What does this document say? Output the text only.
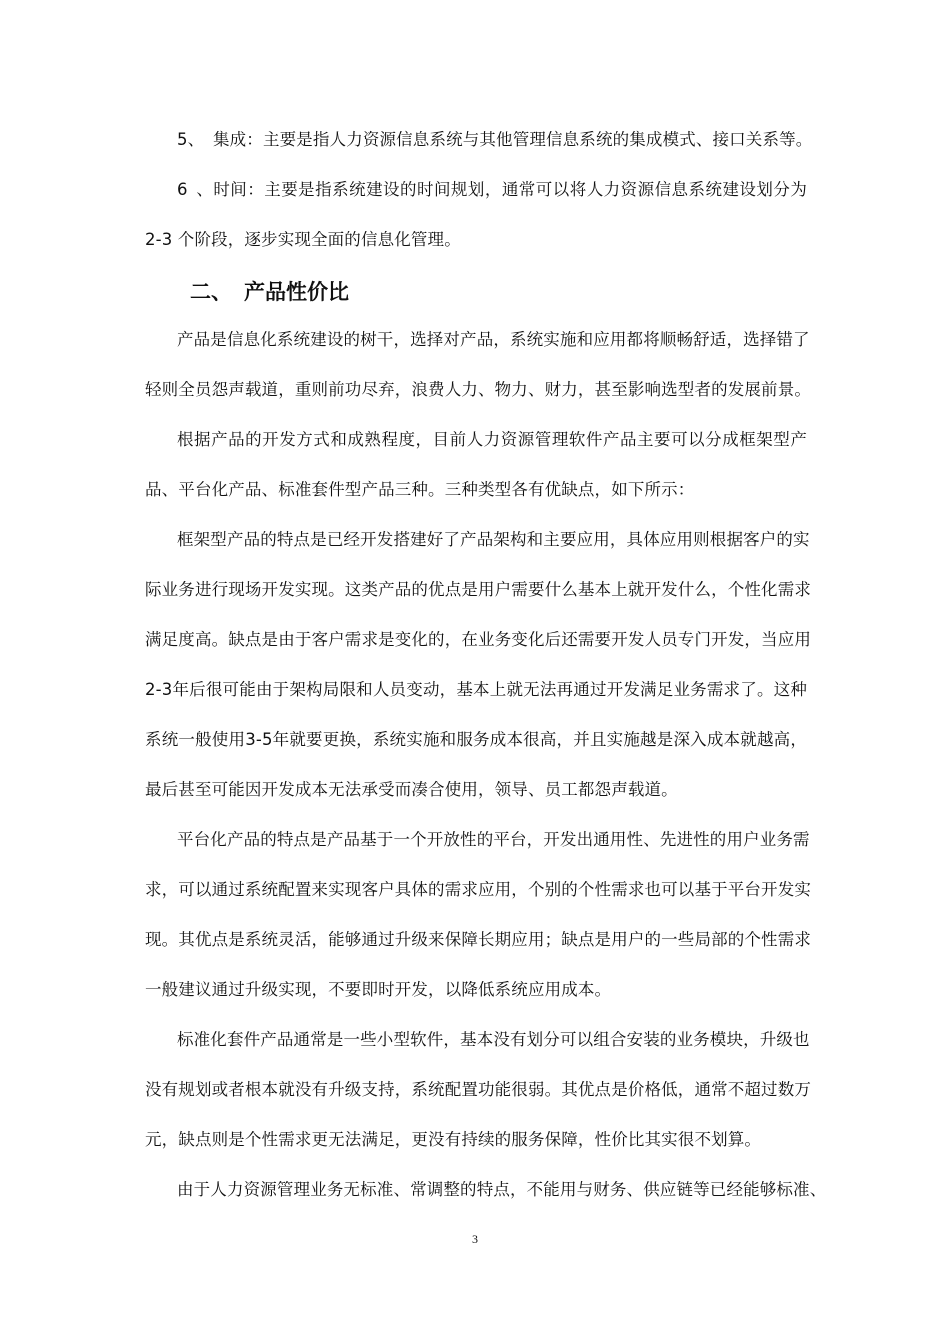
5、 集成：主要是指人力资源信息系统与其他管理信息系统的集成模式、接口关系等。
6、时间：主要是指系统建设的时间规划，通常可以将人力资源信息系统建设划分为
2-3 个阶段，逐步实现全面的信息化管理。
二、 产品性价比
产品是信息化系统建设的树干，选择对产品，系统实施和应用都将顺畅舒适，选择错了
轻则全员怨声载道，重则前功尽弃，浪费人力、物力、财力，甚至影响选型者的发展前景。
根据产品的开发方式和成熟程度，目前人力资源管理软件产品主要可以分成框架型产
品、平台化产品、标准套件型产品三种。三种类型各有优缺点，如下所示：
框架型产品的特点是已经开发搭建好了产品架构和主要应用，具体应用则根据客户的实
际业务进行现场开发实现。这类产品的优点是用户需要什么基本上就开发什么，个性化需求
满足度高。缺点是由于客户需求是变化的，在业务变化后还需要开发人员专门开发，当应用
2-3年后很可能由于架构局限和人员变动，基本上就无法再通过开发满足业务需求了。这种
系统一般使用3-5年就要更换，系统实施和服务成本很高，并且实施越是深入成本就越高，
最后甚至可能因开发成本无法承受而凑合使用，领导、员工都怨声载道。
平台化产品的特点是产品基于一个开放性的平台，开发出通用性、先进性的用户业务需
求，可以通过系统配置来实现客户具体的需求应用，个别的个性需求也可以基于平台开发实
现。其优点是系统灵活，能够通过升级来保障长期应用；缺点是用户的一些局部的个性需求
一般建议通过升级实现，不要即时开发，以降低系统应用成本。
标准化套件产品通常是一些小型软件，基本没有划分可以组合安装的业务模块，升级也
没有规划或者根本就没有升级支持，系统配置功能很弱。其优点是价格低，通常不超过数万
元，缺点则是个性需求更无法满足，更没有持续的服务保障，性价比其实很不划算。
由于人力资源管理业务无标准、常调整的特点，不能用与财务、供应链等已经能够标准、
3
